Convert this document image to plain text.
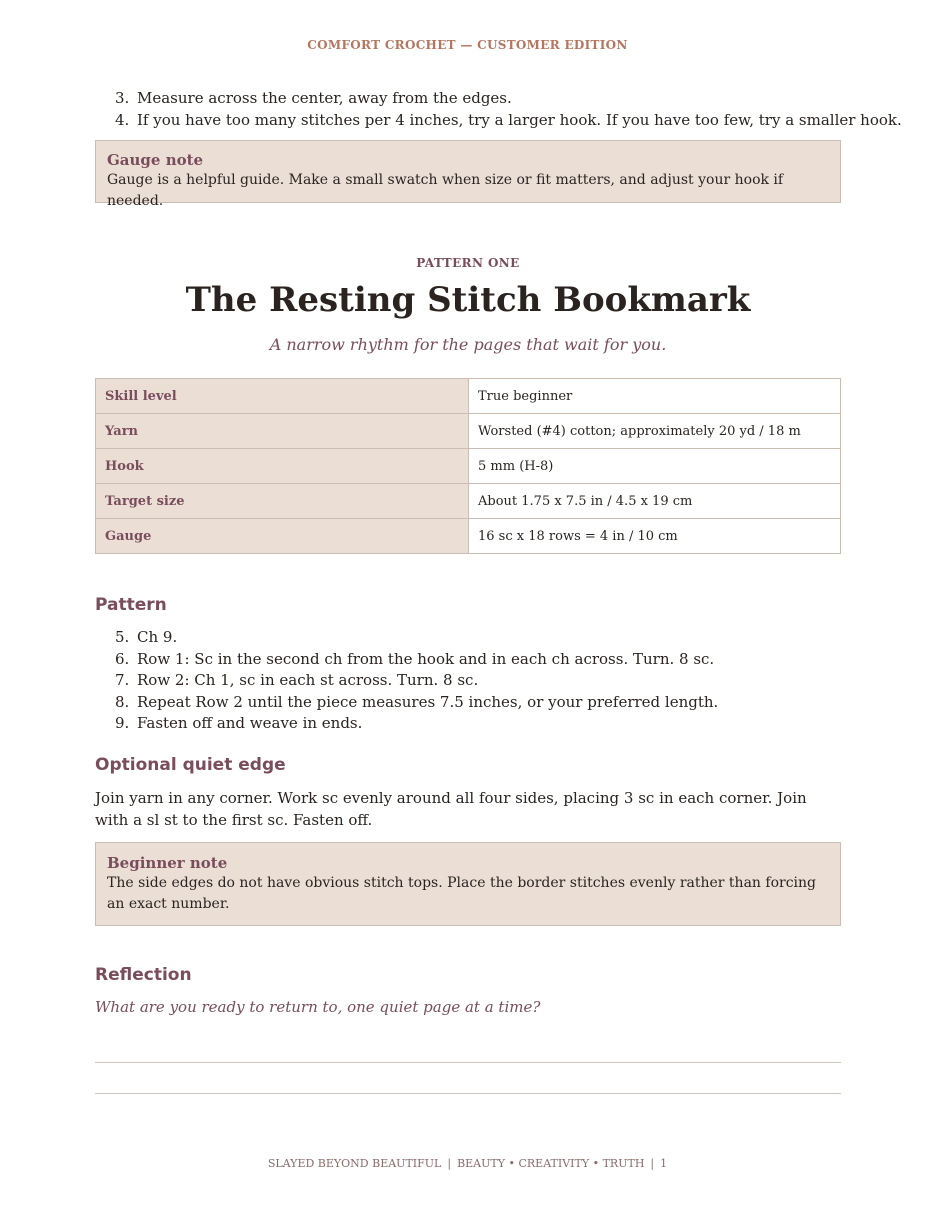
COMFORT CROCHET — CUSTOMER EDITION
3. Measure across the center, away from the edges.
4. If you have too many stitches per 4 inches, try a larger hook. If you have too few, try a smaller hook.
Gauge note
Gauge is a helpful guide. Make a small swatch when size or fit matters, and adjust your hook if needed.
PATTERN ONE
The Resting Stitch Bookmark
A narrow rhythm for the pages that wait for you.
Skill level	True beginner
Yarn	Worsted (#4) cotton; approximately 20 yd / 18 m
Hook	5 mm (H-8)
Target size	About 1.75 x 7.5 in / 4.5 x 19 cm
Gauge	16 sc x 18 rows = 4 in / 10 cm
Pattern
5. Ch 9.
6. Row 1: Sc in the second ch from the hook and in each ch across. Turn. 8 sc.
7. Row 2: Ch 1, sc in each st across. Turn. 8 sc.
8. Repeat Row 2 until the piece measures 7.5 inches, or your preferred length.
9. Fasten off and weave in ends.
Optional quiet edge

Join yarn in any corner. Work sc evenly around all four sides, placing 3 sc in each corner. Join with a sl st to the first sc. Fasten off.

Beginner note
The side edges do not have obvious stitch tops. Place the border stitches evenly rather than forcing an exact number.
Reflection

What are you ready to return to, one quiet page at a time?

SLAYED BEYOND BEAUTIFUL | BEAUTY • CREATIVITY • TRUTH | 1
